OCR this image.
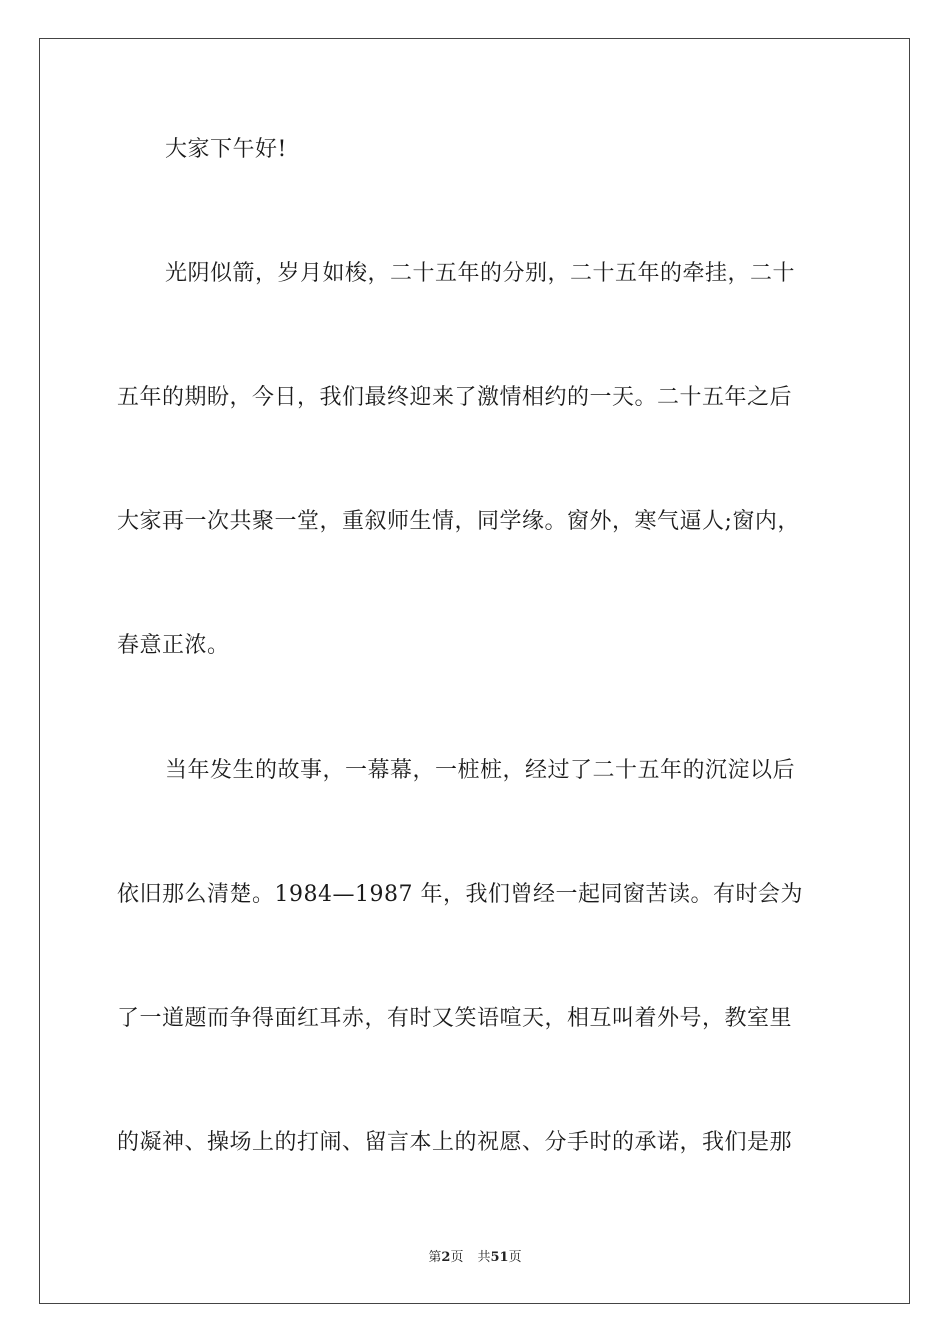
大家下午好!

光阴似箭，岁月如梭，二十五年的分别，二十五年的牵挂，二十

五年的期盼，今日，我们最终迎来了激情相约的一天。二十五年之后

大家再一次共聚一堂，重叙师生情，同学缘。窗外，寒气逼人;窗内，

春意正浓。

当年发生的故事，一幕幕，一桩桩，经过了二十五年的沉淀以后

依旧那么清楚。1984—1987 年，我们曾经一起同窗苦读。有时会为

了一道题而争得面红耳赤，有时又笑语喧天，相互叫着外号，教室里

的凝神、操场上的打闹、留言本上的祝愿、分手时的承诺，我们是那

第2页 共51页
